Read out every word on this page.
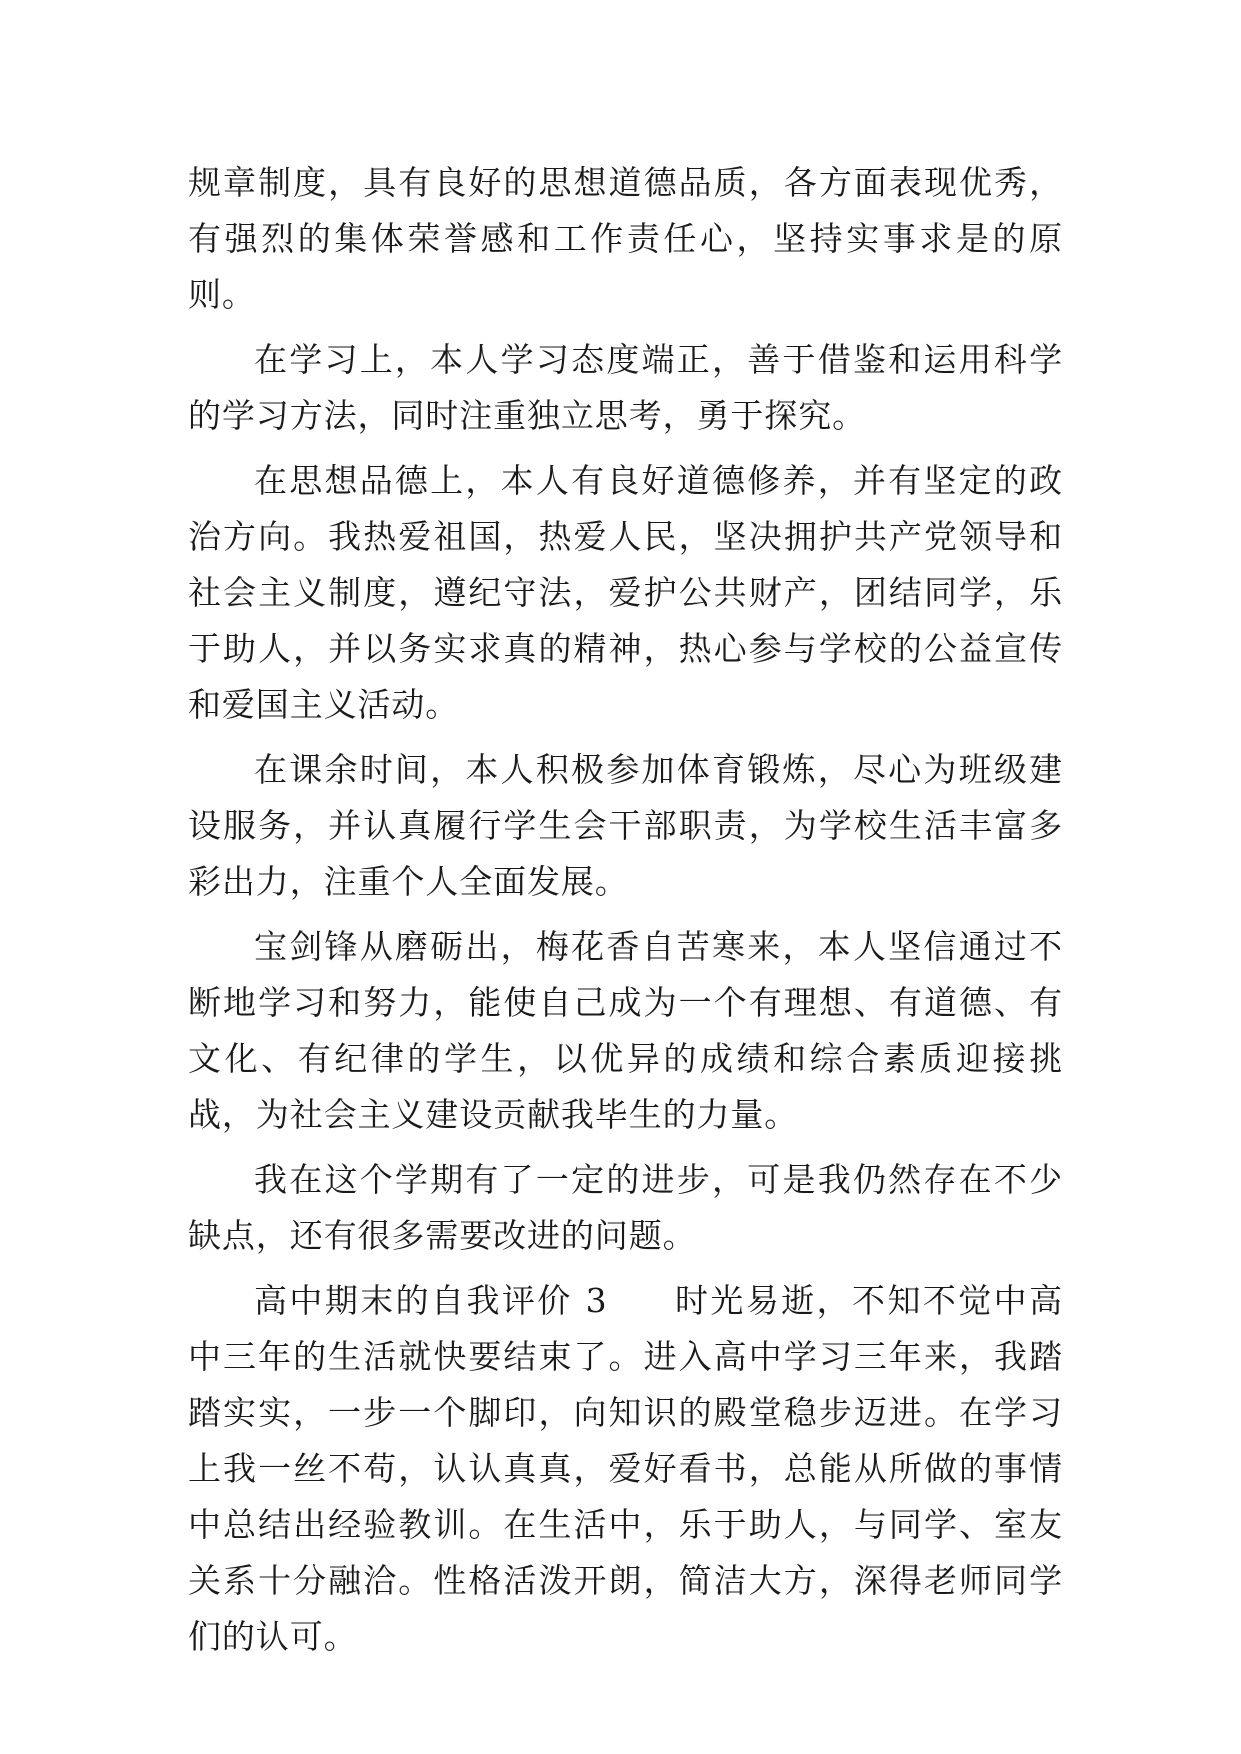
规章制度，具有良好的思想道德品质，各方面表现优秀，有强烈的集体荣誉感和工作责任心，坚持实事求是的原则。

在学习上，本人学习态度端正，善于借鉴和运用科学的学习方法，同时注重独立思考，勇于探究。

在思想品德上，本人有良好道德修养，并有坚定的政治方向。我热爱祖国，热爱人民，坚决拥护共产党领导和社会主义制度，遵纪守法，爱护公共财产，团结同学，乐于助人，并以务实求真的精神，热心参与学校的公益宣传和爱国主义活动。

在课余时间，本人积极参加体育锻炼，尽心为班级建设服务，并认真履行学生会干部职责，为学校生活丰富多彩出力，注重个人全面发展。

宝剑锋从磨砺出，梅花香自苦寒来，本人坚信通过不断地学习和努力，能使自己成为一个有理想、有道德、有文化、有纪律的学生，以优异的成绩和综合素质迎接挑战，为社会主义建设贡献我毕生的力量。

我在这个学期有了一定的进步，可是我仍然存在不少缺点，还有很多需要改进的问题。

高中期末的自我评价 3 时光易逝，不知不觉中高中三年的生活就快要结束了。进入高中学习三年来，我踏踏实实，一步一个脚印，向知识的殿堂稳步迈进。在学习上我一丝不苟，认认真真，爱好看书，总能从所做的事情中总结出经验教训。在生活中，乐于助人，与同学、室友关系十分融洽。性格活泼开朗，简洁大方，深得老师同学们的认可。
